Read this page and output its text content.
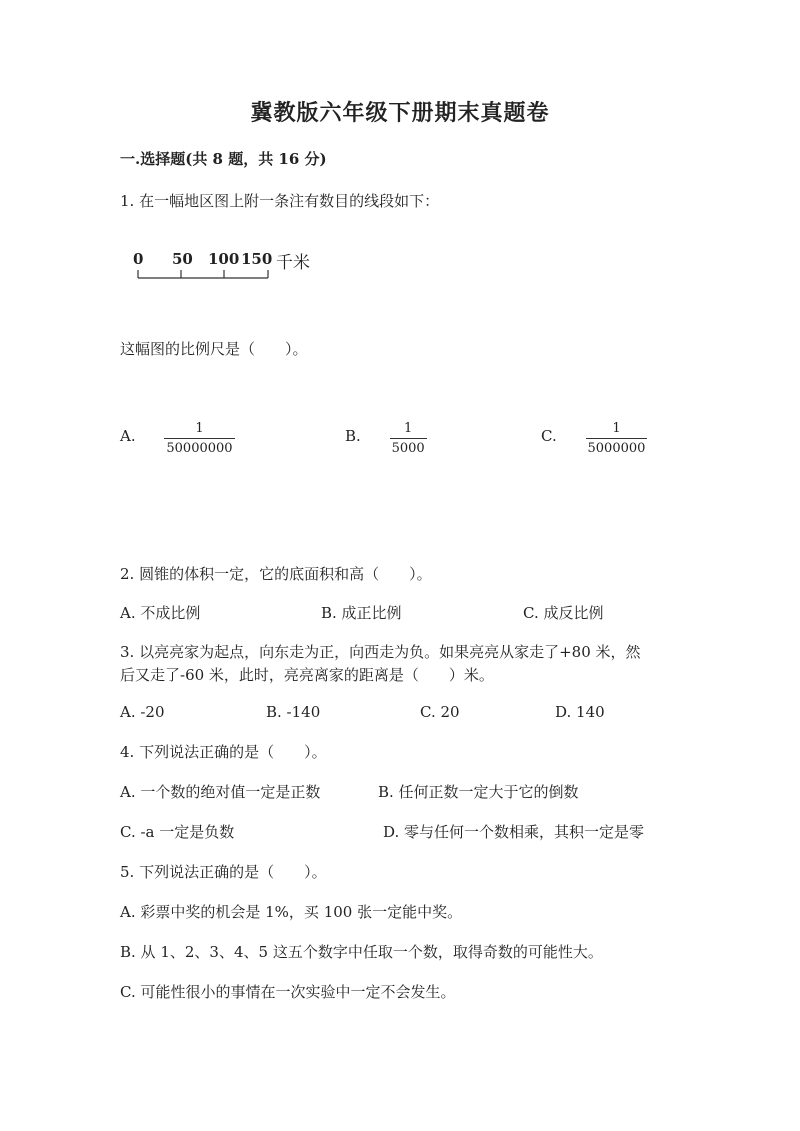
冀教版六年级下册期末真题卷
一.选择题(共 8 题，共 16 分)
1. 在一幅地区图上附一条注有数目的线段如下：
0 50 100 150 千米
这幅图的比例尺是（　　）。
A. $\frac{1}{50000000}$	B. $\frac{1}{5000}$	C. $\frac{1}{5000000}$
2. 圆锥的体积一定，它的底面积和高（　　）。
A. 不成比例	B. 成正比例	C. 成反比例
3. 以亮亮家为起点，向东走为正，向西走为负。如果亮亮从家走了+80 米，然
后又走了-60 米，此时，亮亮离家的距离是（　　）米。
A. -20	B. -140	C. 20	D. 140
4. 下列说法正确的是（　　）。
A. 一个数的绝对值一定是正数	B. 任何正数一定大于它的倒数
C. -a 一定是负数	D. 零与任何一个数相乘，其积一定是零
5. 下列说法正确的是（　　）。
A. 彩票中奖的机会是 1%，买 100 张一定能中奖。
B. 从 1、2、3、4、5 这五个数字中任取一个数，取得奇数的可能性大。
C. 可能性很小的事情在一次实验中一定不会发生。
